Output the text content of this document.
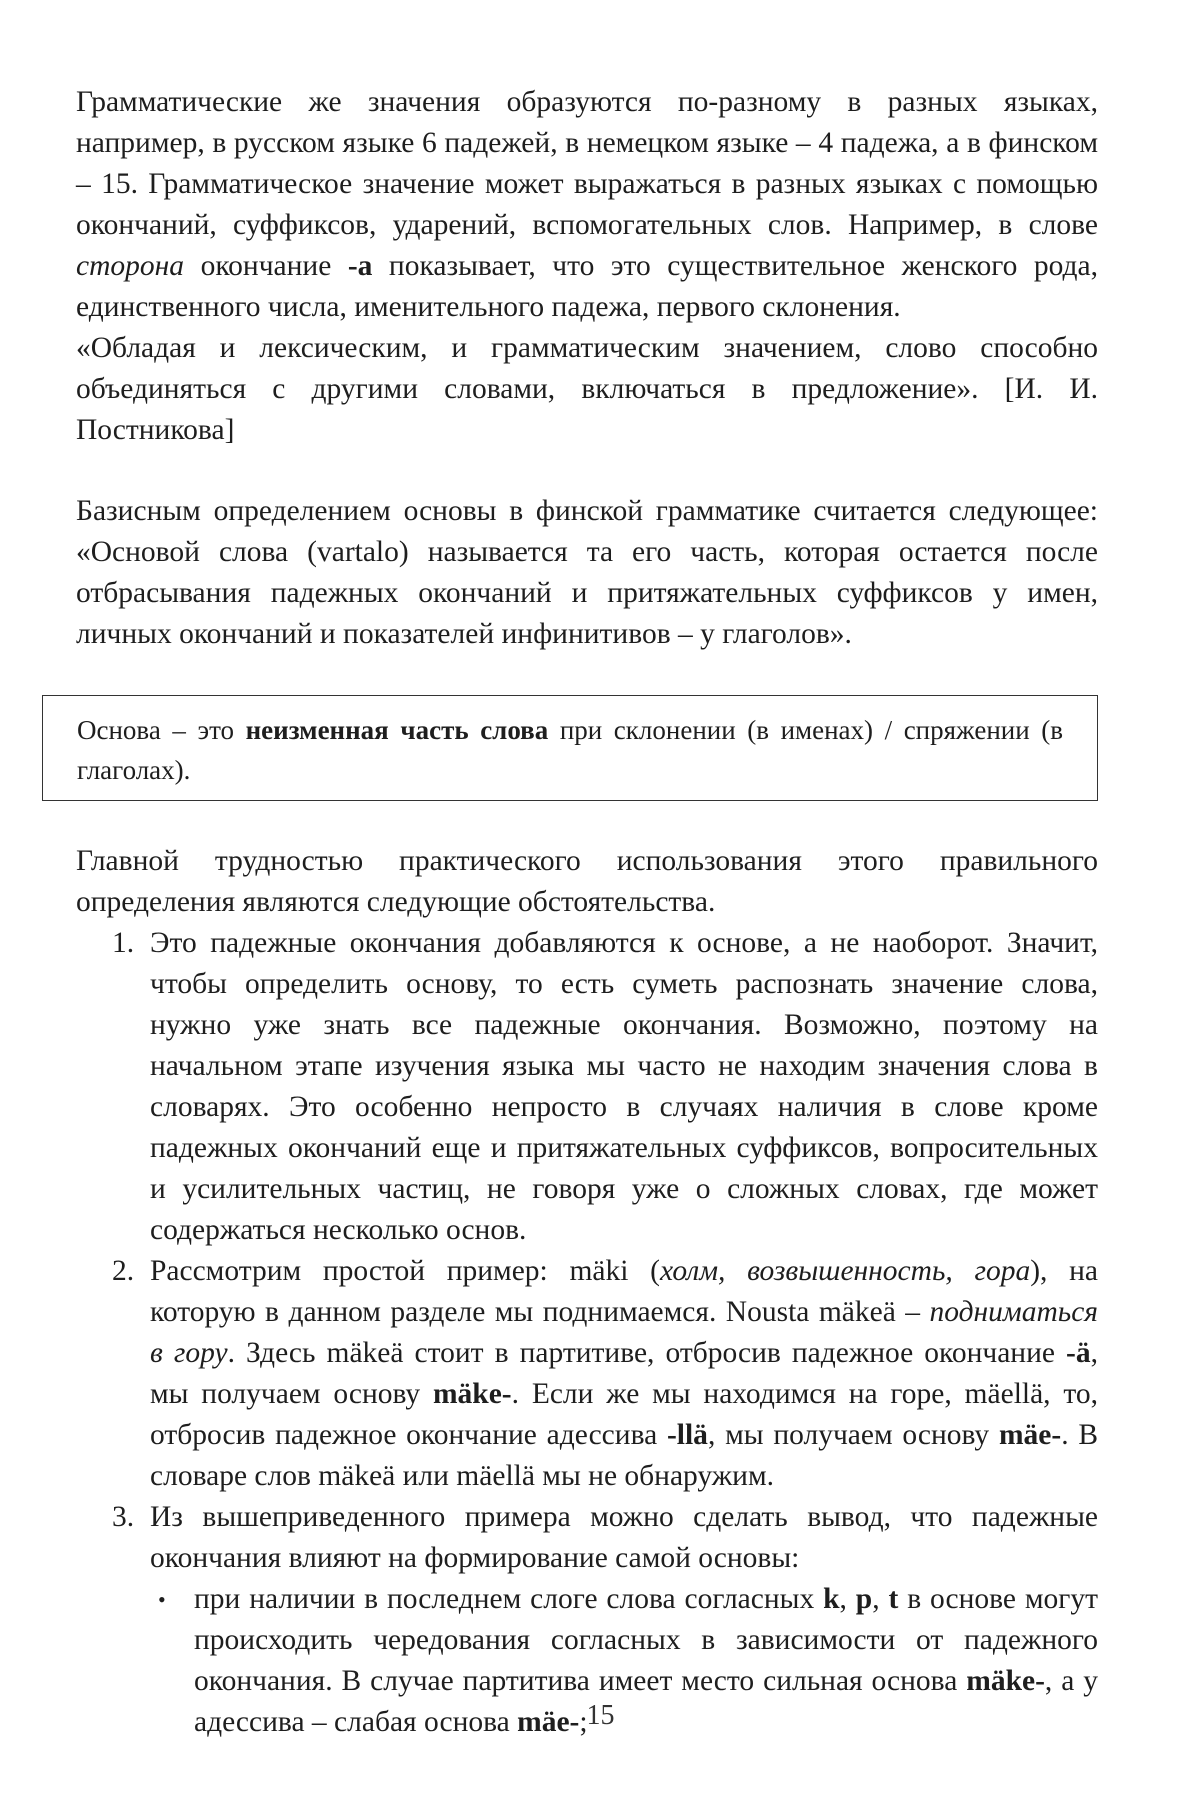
Грамматические же значения образуются по-разному в разных языках, например, в русском языке 6 падежей, в немецком языке – 4 падежа, а в финском – 15. Грамматическое значение может выражаться в разных языках с помощью окончаний, суффиксов, ударений, вспомогательных слов. Например, в слове сторона окончание -а показывает, что это существительное женского рода, единственного числа, именительного падежа, первого склонения.

«Обладая и лексическим, и грамматическим значением, слово способно объединяться с другими словами, включаться в предложение». [И. И. Постникова]

Базисным определением основы в финской грамматике считается следующее: «Основой слова (vartalo) называется та его часть, которая остается после отбрасывания падежных окончаний и притяжательных суффиксов у имен, личных окончаний и показателей инфинитивов – у глаголов».

Основа – это неизменная часть слова при склонении (в именах) / спряжении (в глаголах).

Главной трудностью практического использования этого правильного определения являются следующие обстоятельства.

1. Это падежные окончания добавляются к основе, а не наоборот. Значит, чтобы определить основу, то есть суметь распознать значение слова, нужно уже знать все падежные окончания. Возможно, поэтому на начальном этапе изучения языка мы часто не находим значения слова в словарях. Это особенно непросто в случаях наличия в слове кроме падежных окончаний еще и притяжательных суффиксов, вопросительных и усилительных частиц, не говоря уже о сложных словах, где может содержаться несколько основ.
2. Рассмотрим простой пример: mäki (холм, возвышенность, гора), на которую в данном разделе мы поднимаемся. Nousta mäkeä – подниматься в гору. Здесь mäkeä стоит в партитиве, отбросив падежное окончание -ä, мы получаем основу mäke-. Если же мы находимся на горе, mäellä, то, отбросив падежное окончание адессива -llä, мы получаем основу mäe-. В словаре слов mäkeä или mäellä мы не обнаружим.
3. Из вышеприведенного примера можно сделать вывод, что падежные окончания влияют на формирование самой основы:
• при наличии в последнем слоге слова согласных k, p, t в основе могут происходить чередования согласных в зависимости от падежного окончания. В случае партитива имеет место сильная основа mäke-, а у адессива – слабая основа mäe-;
15
